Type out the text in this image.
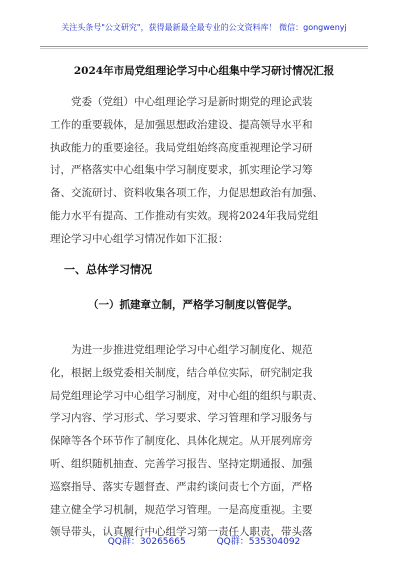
关注头条号"公文研究"，获得最新最全最专业的公文资料库！ 微信：gongwenyj
2024年市局党组理论学习中心组集中学习研讨情况汇报
　　党委（党组）中心组理论学习是新时期党的理论武装
工作的重要载体，是加强思想政治建设、提高领导水平和
执政能力的重要途径。我局党组始终高度重视理论学习研
讨，严格落实中心组集中学习制度要求，抓实理论学习筹
备、交流研讨、资料收集各项工作，力促思想政治有加强、
能力水平有提高、工作推动有实效。现将2024年我局党组
理论学习中心组学习情况作如下汇报：
一、总体学习情况
（一）抓建章立制，严格学习制度以管促学。
　　为进一步推进党组理论学习中心组学习制度化、规范
化，根据上级党委相关制度，结合单位实际，研究制定我
局党组理论学习中心组学习制度，对中心组的组织与职责、
学习内容、学习形式、学习要求、学习管理和学习服务与
保障等各个环节作了制度化、具体化规定。从开展列席旁
听、组织随机抽查、完善学习报告、坚持定期通报、加强
巡察指导、落实专题督查、严肃约谈问责七个方面，严格
建立健全学习机制，规范学习管理。一是高度重视。主要
领导带头，认真履行中心组学习第一责任人职责，带头落
QQ群：30265665	QQ群：535304092
